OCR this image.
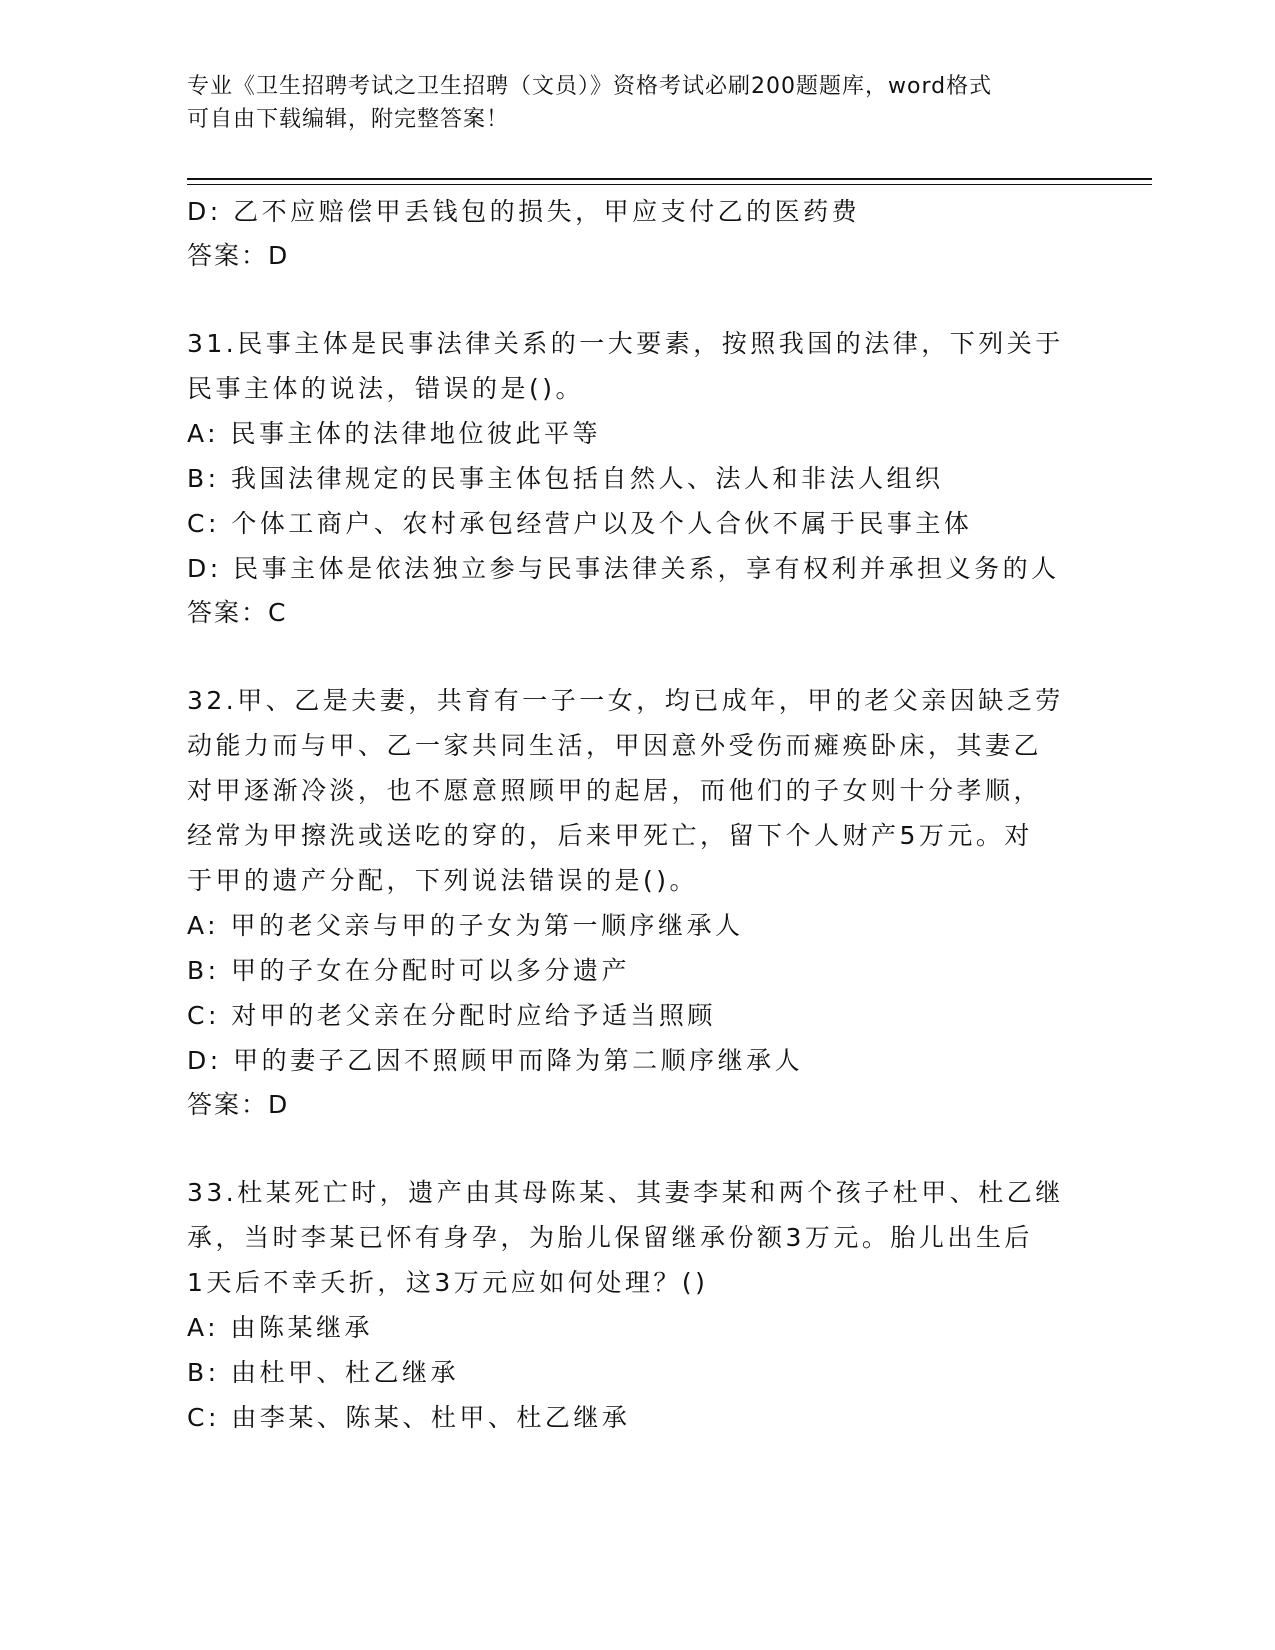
专业《卫生招聘考试之卫生招聘（文员）》资格考试必刷200题题库，word格式
可自由下载编辑，附完整答案！
D: 乙不应赔偿甲丢钱包的损失，甲应支付乙的医药费
答案：D
31.民事主体是民事法律关系的一大要素，按照我国的法律，下列关于
民事主体的说法，错误的是()。
A: 民事主体的法律地位彼此平等
B: 我国法律规定的民事主体包括自然人、法人和非法人组织
C: 个体工商户、农村承包经营户以及个人合伙不属于民事主体
D: 民事主体是依法独立参与民事法律关系，享有权利并承担义务的人
答案：C
32.甲、乙是夫妻，共育有一子一女，均已成年，甲的老父亲因缺乏劳
动能力而与甲、乙一家共同生活，甲因意外受伤而瘫痪卧床，其妻乙
对甲逐渐冷淡，也不愿意照顾甲的起居，而他们的子女则十分孝顺，
经常为甲擦洗或送吃的穿的，后来甲死亡，留下个人财产5万元。对
于甲的遗产分配，下列说法错误的是()。
A: 甲的老父亲与甲的子女为第一顺序继承人
B: 甲的子女在分配时可以多分遗产
C: 对甲的老父亲在分配时应给予适当照顾
D: 甲的妻子乙因不照顾甲而降为第二顺序继承人
答案：D
33.杜某死亡时，遗产由其母陈某、其妻李某和两个孩子杜甲、杜乙继
承，当时李某已怀有身孕，为胎儿保留继承份额3万元。胎儿出生后
1天后不幸夭折，这3万元应如何处理？()
A: 由陈某继承
B: 由杜甲、杜乙继承
C: 由李某、陈某、杜甲、杜乙继承
